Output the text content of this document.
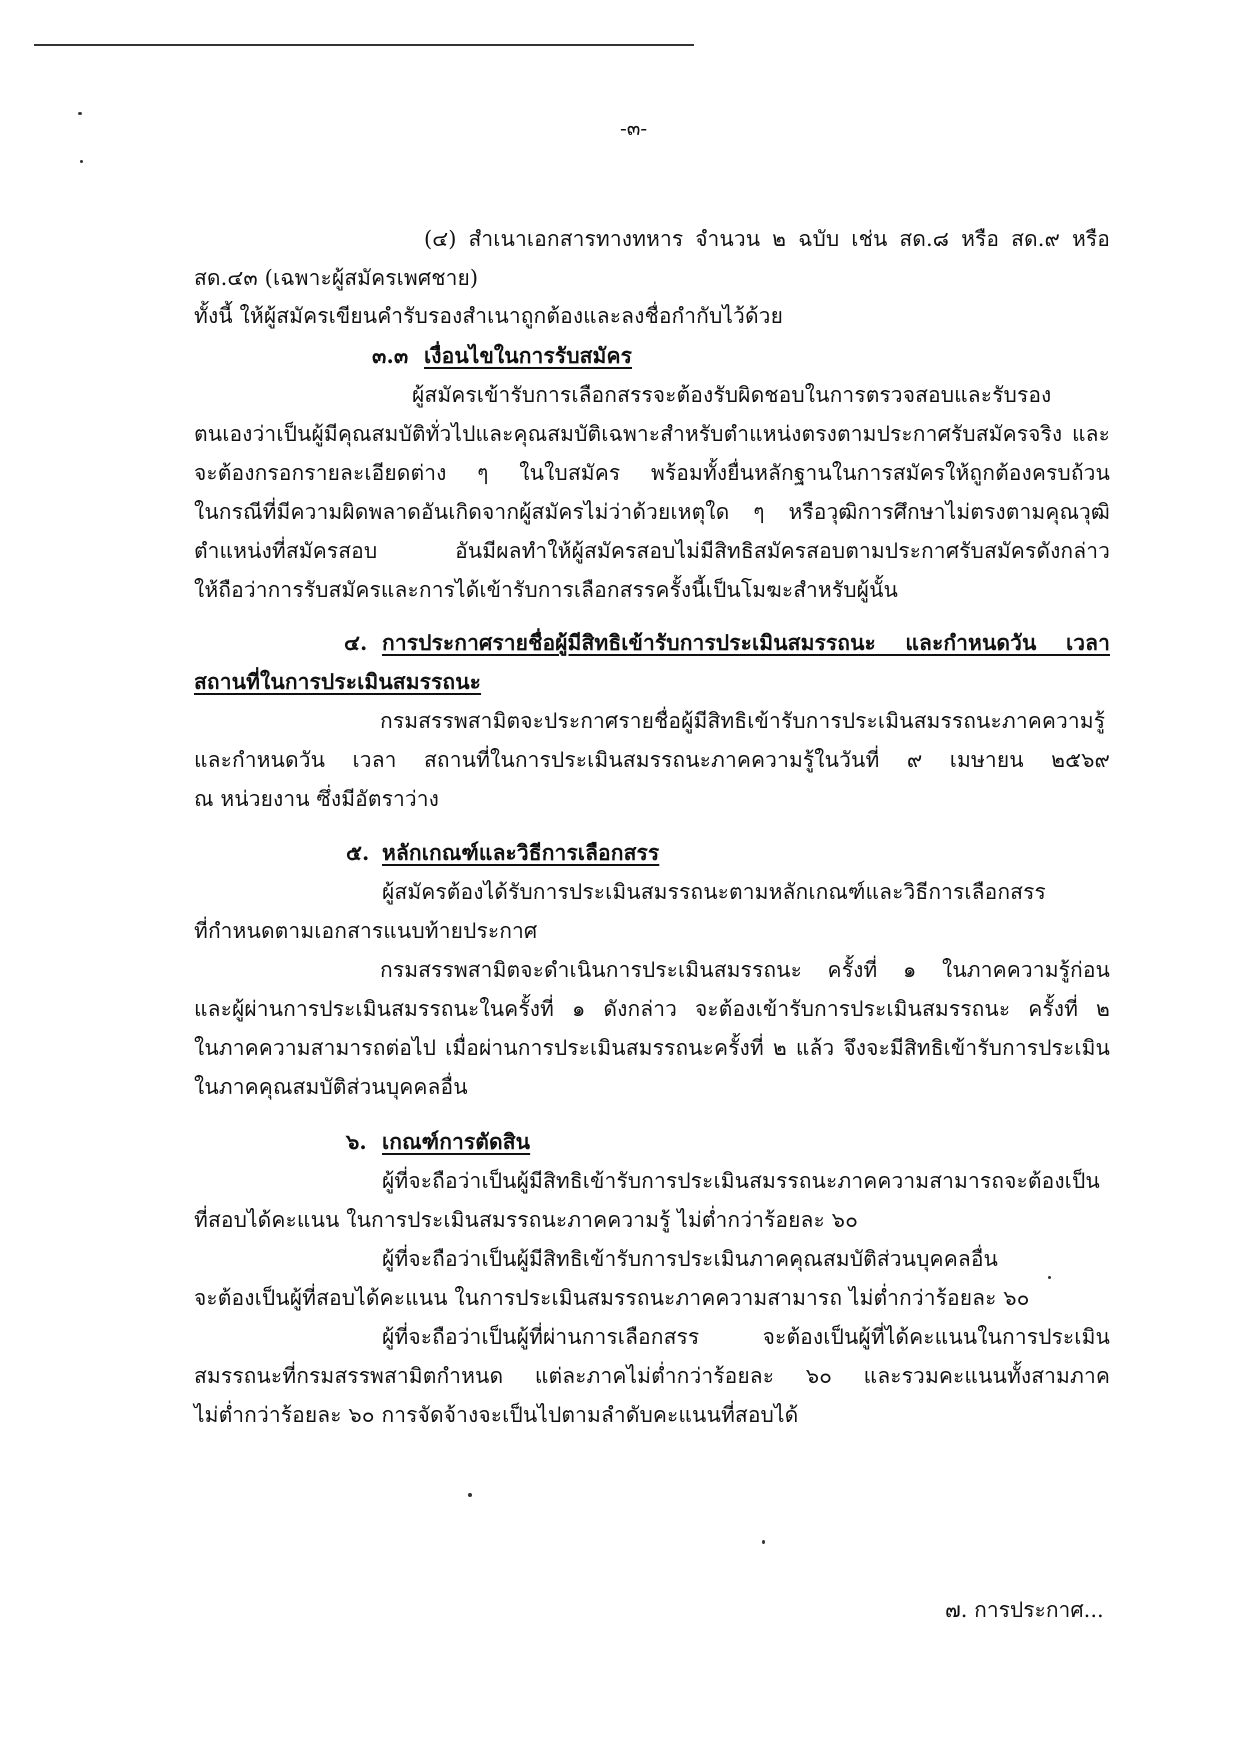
-๓-
(๔) สำเนาเอกสารทางทหาร จำนวน ๒ ฉบับ เช่น สด.๘ หรือ สด.๙ หรือ
สด.๔๓ (เฉพาะผู้สมัครเพศชาย)
ทั้งนี้ ให้ผู้สมัครเขียนคำรับรองสำเนาถูกต้องและลงชื่อกำกับไว้ด้วย
๓.๓ เงื่อนไขในการรับสมัคร
ผู้สมัครเข้ารับการเลือกสรรจะต้องรับผิดชอบในการตรวจสอบและรับรอง
ตนเองว่าเป็นผู้มีคุณสมบัติทั่วไปและคุณสมบัติเฉพาะสำหรับตำแหน่งตรงตามประกาศรับสมัครจริง และ
จะต้องกรอกรายละเอียดต่าง ๆ ในใบสมัคร พร้อมทั้งยื่นหลักฐานในการสมัครให้ถูกต้องครบถ้วน
ในกรณีที่มีความผิดพลาดอันเกิดจากผู้สมัครไม่ว่าด้วยเหตุใด ๆ หรือวุฒิการศึกษาไม่ตรงตามคุณวุฒิ
ตำแหน่งที่สมัครสอบ อันมีผลทำให้ผู้สมัครสอบไม่มีสิทธิสมัครสอบตามประกาศรับสมัครดังกล่าว
ให้ถือว่าการรับสมัครและการได้เข้ารับการเลือกสรรครั้งนี้เป็นโมฆะสำหรับผู้นั้น
๔. การประกาศรายชื่อผู้มีสิทธิเข้ารับการประเมินสมรรถนะ และกำหนดวัน เวลา
สถานที่ในการประเมินสมรรถนะ
กรมสรรพสามิตจะประกาศรายชื่อผู้มีสิทธิเข้ารับการประเมินสมรรถนะภาคความรู้
และกำหนดวัน เวลา สถานที่ในการประเมินสมรรถนะภาคความรู้ในวันที่ ๙ เมษายน ๒๕๖๙
ณ หน่วยงาน ซึ่งมีอัตราว่าง
๕. หลักเกณฑ์และวิธีการเลือกสรร
ผู้สมัครต้องได้รับการประเมินสมรรถนะตามหลักเกณฑ์และวิธีการเลือกสรร
ที่กำหนดตามเอกสารแนบท้ายประกาศ
กรมสรรพสามิตจะดำเนินการประเมินสมรรถนะ ครั้งที่ ๑ ในภาคความรู้ก่อน
และผู้ผ่านการประเมินสมรรถนะในครั้งที่ ๑ ดังกล่าว จะต้องเข้ารับการประเมินสมรรถนะ ครั้งที่ ๒
ในภาคความสามารถต่อไป เมื่อผ่านการประเมินสมรรถนะครั้งที่ ๒ แล้ว จึงจะมีสิทธิเข้ารับการประเมิน
ในภาคคุณสมบัติส่วนบุคคลอื่น
๖. เกณฑ์การตัดสิน
ผู้ที่จะถือว่าเป็นผู้มีสิทธิเข้ารับการประเมินสมรรถนะภาคความสามารถจะต้องเป็น
ที่สอบได้คะแนน ในการประเมินสมรรถนะภาคความรู้ ไม่ต่ำกว่าร้อยละ ๖๐
ผู้ที่จะถือว่าเป็นผู้มีสิทธิเข้ารับการประเมินภาคคุณสมบัติส่วนบุคคลอื่น
จะต้องเป็นผู้ที่สอบได้คะแนน ในการประเมินสมรรถนะภาคความสามารถ ไม่ต่ำกว่าร้อยละ ๖๐
ผู้ที่จะถือว่าเป็นผู้ที่ผ่านการเลือกสรร จะต้องเป็นผู้ที่ได้คะแนนในการประเมิน
สมรรถนะที่กรมสรรพสามิตกำหนด แต่ละภาคไม่ต่ำกว่าร้อยละ ๖๐ และรวมคะแนนทั้งสามภาค
ไม่ต่ำกว่าร้อยละ ๖๐ การจัดจ้างจะเป็นไปตามลำดับคะแนนที่สอบได้
๗. การประกาศ...
